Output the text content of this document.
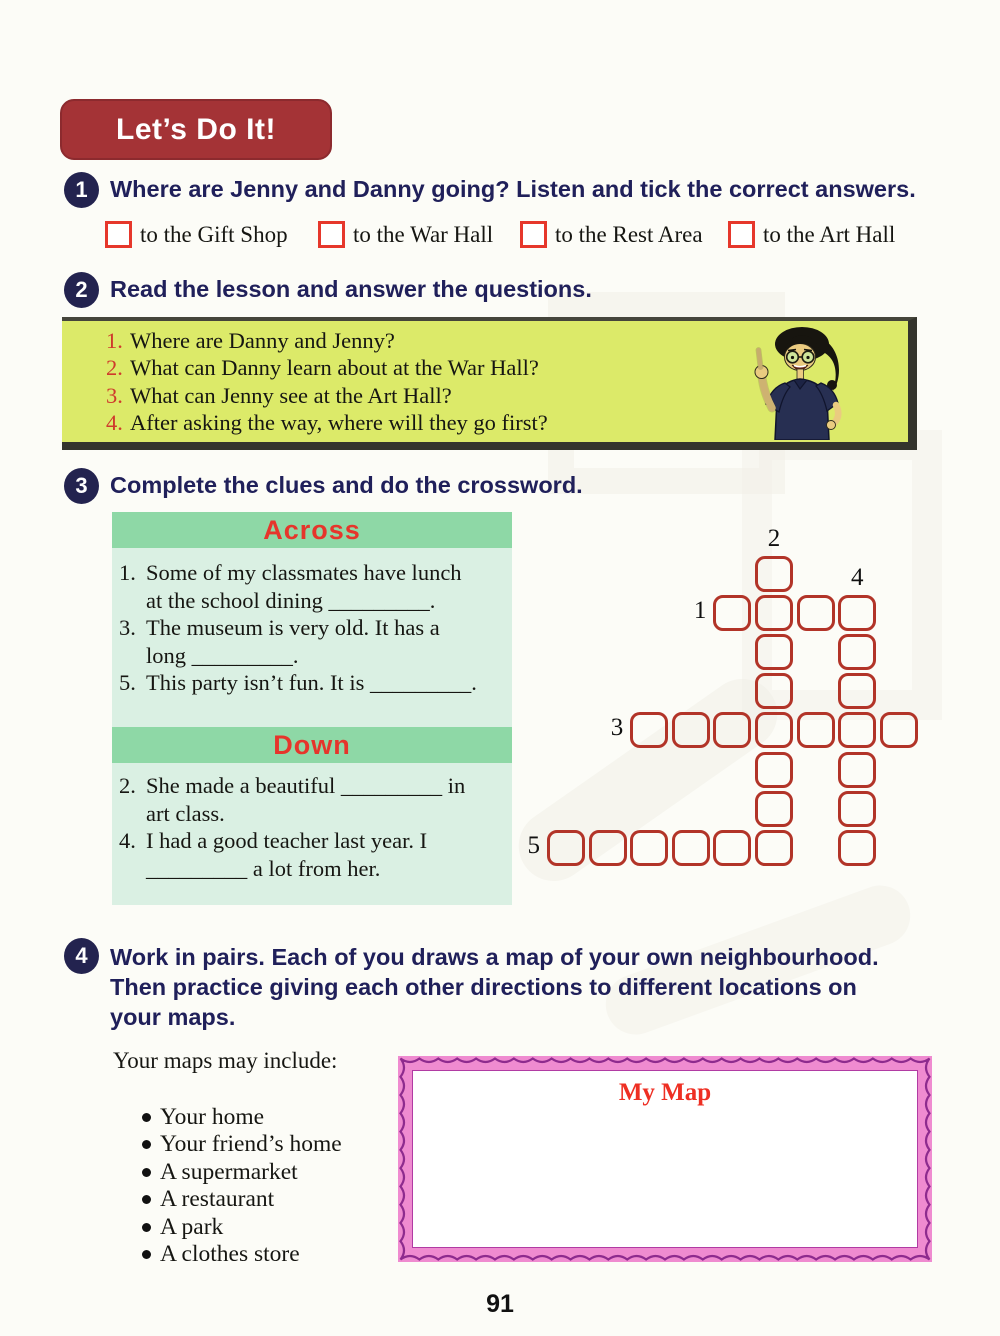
Let’s Do It!
1 Where are Jenny and Danny going? Listen and tick the correct answers.
to the Gift Shop	to the War Hall	to the Rest Area	to the Art Hall
2 Read the lesson and answer the questions.
1. Where are Danny and Jenny?
2. What can Danny learn about at the War Hall?
3. What can Jenny see at the Art Hall?
4. After asking the way, where will they go first?
3 Complete the clues and do the crossword.
Across
1. Some of my classmates have lunch
at the school dining _________.
3. The museum is very old. It has a
long _________.
5. This party isn’t fun. It is _________.
Down
2. She made a beautiful _________ in
art class.
4. I had a good teacher last year. I
_________ a lot from her.
1
2
3
4
5
4 Work in pairs. Each of you draws a map of your own neighbourhood.
Then practice giving each other directions to different locations on
your maps.
Your maps may include:
Your home
Your friend’s home
A supermarket
A restaurant
A park
A clothes store
My Map
91
